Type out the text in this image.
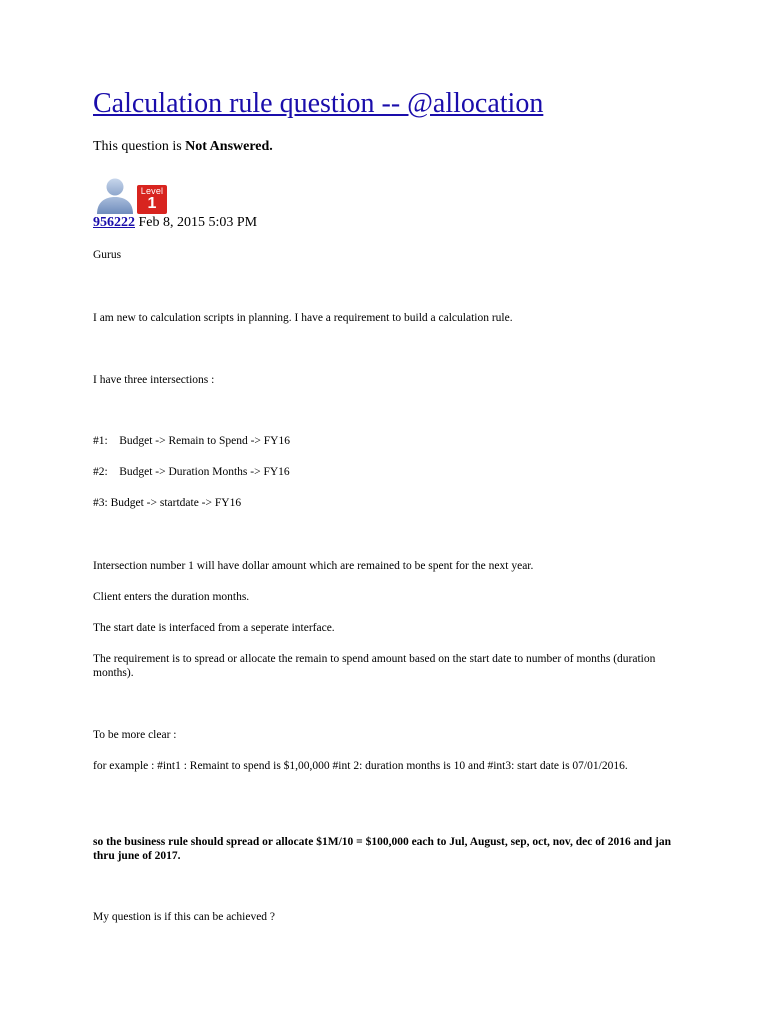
Calculation rule question -- @allocation
This question is Not Answered.
Level
1
956222 Feb 8, 2015 5:03 PM

Gurus

I am new to calculation scripts in planning. I have a requirement to build a calculation rule.

I have three intersections :

#1:    Budget -> Remain to Spend -> FY16

#2:    Budget -> Duration Months -> FY16

#3: Budget -> startdate -> FY16

Intersection number 1 will have dollar amount which are remained to be spent for the next year.

Client enters the duration months.

The start date is interfaced from a seperate interface.

The requirement is to spread or allocate the remain to spend amount based on the start date to number of months (duration months).

To be more clear :

for example : #int1 : Remaint to spend is $1,00,000 #int 2: duration months is 10 and #int3: start date is 07/01/2016.

so the business rule should spread or allocate $1M/10 = $100,000 each to Jul, August, sep, oct, nov, dec of 2016 and jan thru june of 2017.

My question is if this can be achieved ?
